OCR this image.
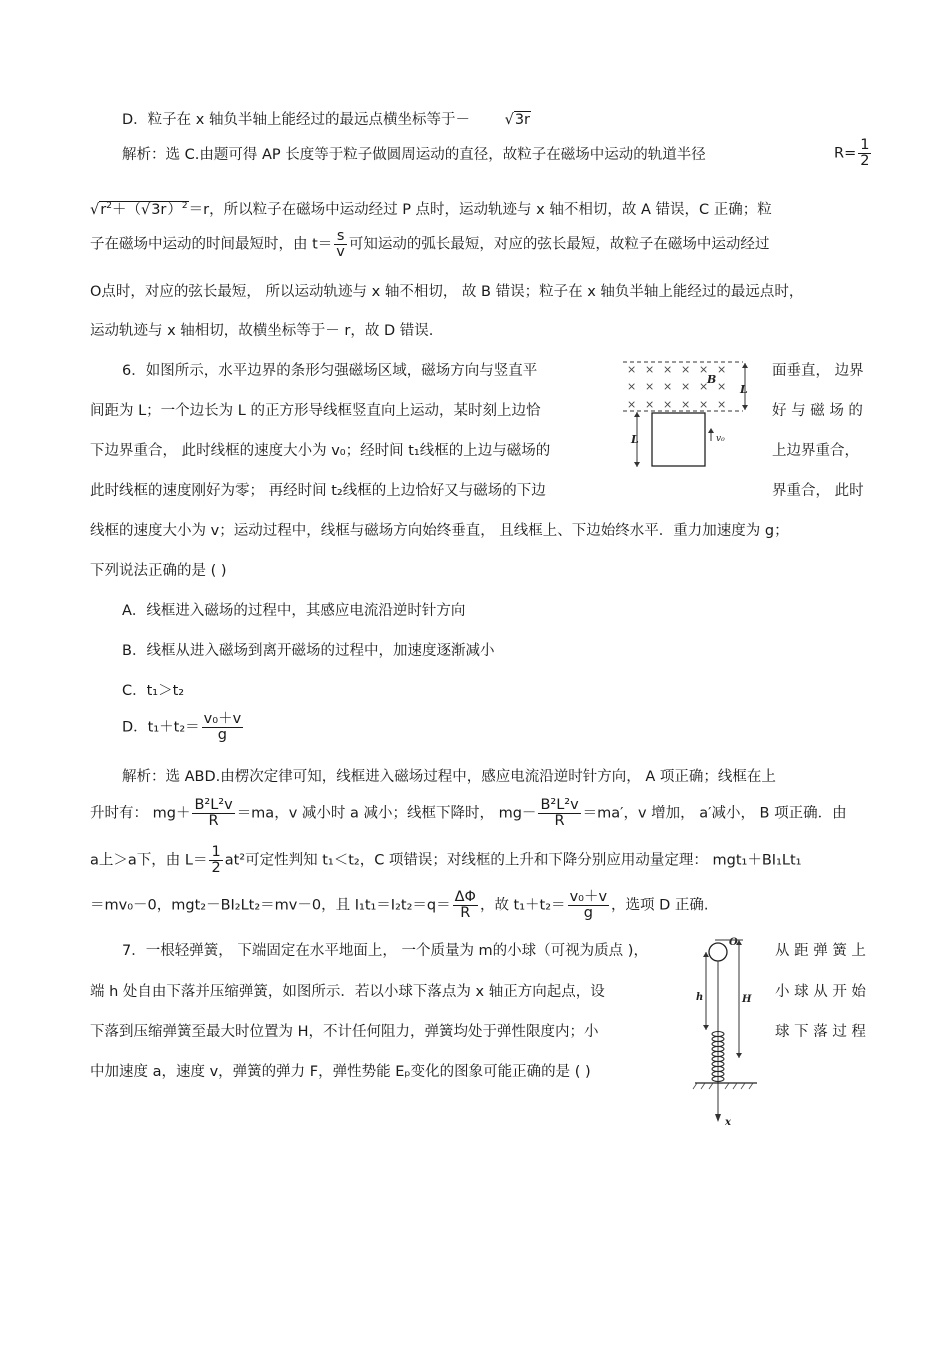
D．粒子在 x 轴负半轴上能经过的最远点横坐标等于－ √3r
解析：选 C.由题可得 AP 长度等于粒子做圆周运动的直径，故粒子在磁场中运动的轨道半径	$R= \frac{1}{2}$
$√r^2+(√3r)^2=r$，所以粒子在磁场中运动经过 P 点时，运动轨迹与 x 轴不相切，故 A 错误，C 正确；粒
子在磁场中运动的时间最短时，由 $t= \frac{s}{v}$ 可知运动的弧长最短，对应的弦长最短，故粒子在磁场中运动经过
O点时，对应的弦长最短， 所以运动轨迹与 x 轴不相切， 故 B 错误；粒子在 x 轴负半轴上能经过的最远点时，
运动轨迹与 x 轴相切，故横坐标等于－ r，故 D 错误.
6．如图所示，水平边界的条形匀强磁场区域，磁场方向与竖直平	面垂直， 边界
间距为 L；一个边长为 L 的正方形导线框竖直向上运动，某时刻上边恰	好 与 磁 场 的
下边界重合， 此时线框的速度大小为 v₀；经时间 t₁线框的上边与磁场的	上边界重合，
此时线框的速度刚好为零； 再经时间 t₂线框的上边恰好又与磁场的下边	界重合， 此时
线框的速度大小为 v；运动过程中，线框与磁场方向始终垂直， 且线框上、下边始终水平．重力加速度为 g；
下列说法正确的是 ( )
A．线框进入磁场的过程中，其感应电流沿逆时针方向
B．线框从进入磁场到离开磁场的过程中，加速度逐渐减小
C．t₁＞t₂
D．$t_1+t_2= \frac{\text{v₀＋v}}{g}$
解析：选 ABD.由楞次定律可知，线框进入磁场过程中，感应电流沿逆时针方向， A 项正确；线框在上
升时有： $mg+ \frac{\text{B²L²v}}{R} =ma$，v 减小时 a 减小；线框下降时， $mg- \frac{\text{B²L²v}}{R} =ma'$，v 增加， a′减小， B 项正确．由
a上＞a下，由 $L= \frac{1}{2} at^2$可定性判知 t₁＜t₂，C 项错误；对线框的上升和下降分别应用动量定理： mgt₁＋BI₁Lt₁
＝mv₀－0，mgt₂－BI₂Lt₂＝mv－0，且 $I_1t_1=I_2t_2=q= \frac{\Delta\Phi}{R}$ ，故 $t_1+t_2= \frac{\text{v₀＋v}}{g}$ ，选项 D 正确.
7．一根轻弹簧， 下端固定在水平地面上， 一个质量为 m的小球（可视为质点 )，	从 距 弹 簧 上
端 h 处自由下落并压缩弹簧，如图所示．若以小球下落点为 x 轴正方向起点，设	小 球 从 开 始
下落到压缩弹簧至最大时位置为 H，不计任何阻力，弹簧均处于弹性限度内；小	球 下 落 过 程
中加速度 a，速度 v，弹簧的弹力 F，弹性势能 Eₚ变化的图象可能正确的是 ( )
× × × × × ×
× × × × × ×
× × × × × ×
B
L
L	v₀
O
x
h	H
